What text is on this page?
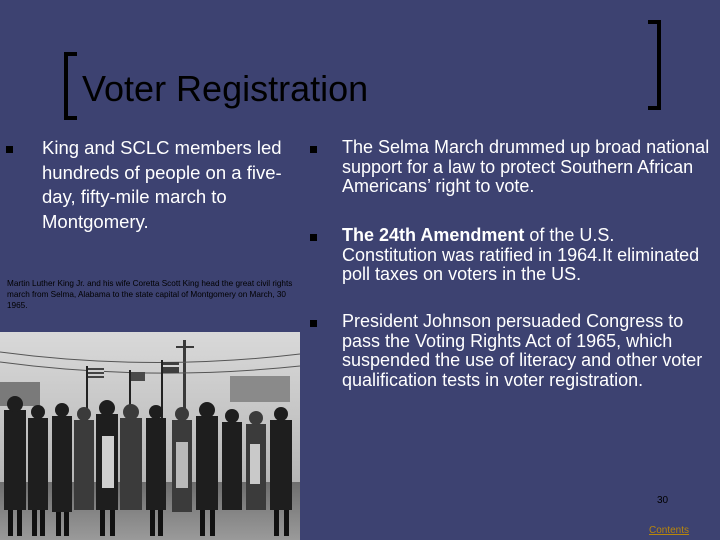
Voter Registration
King and SCLC members led hundreds of people on a five-day, fifty-mile march to Montgomery.
Martin Luther King Jr. and his wife Coretta Scott King head the great civil rights march from Selma, Alabama to the state capital of Montgomery on March, 30 1965.
The Selma March drummed up broad national support for a law to protect Southern African Americans’ right to vote.
The 24th Amendment of the U.S. Constitution was ratified in 1964.It eliminated poll taxes on voters in the US.
President Johnson persuaded Congress to pass the Voting Rights Act of 1965, which suspended the use of literacy and other voter qualification tests in voter registration.
30
Contents
